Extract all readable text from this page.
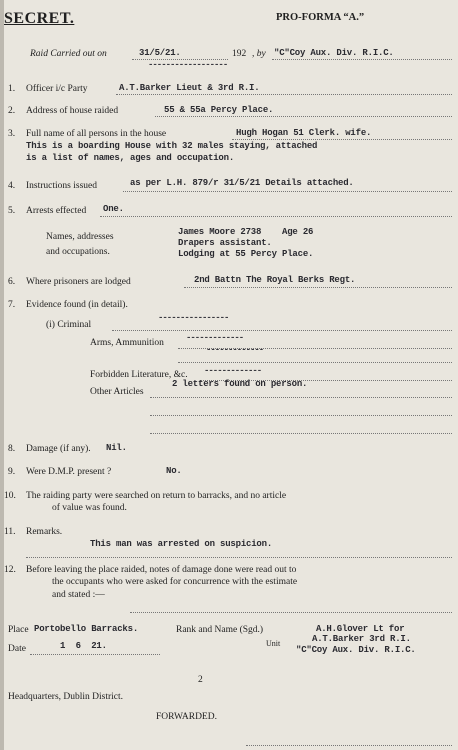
SECRET.	PRO-FORMA “A.”
Raid Carried out on	31/5/21.	192 , by "C"Coy Aux. Div. R.I.C.
------------------
1. Officer i/c Party	A.T.Barker Lieut & 3rd R.I.
2. Address of house raided	55 & 55a Percy Place.
3. Full name of all persons in the house	Hugh Hogan 51 Clerk. wife.
This is a boarding House with 32 males staying, attached
is a list of names, ages and occupation.
4. Instructions issued	as per L.H. 879/r 31/5/21 Details attached.
5. Arrests effected One.
Names, addresses
and occupations.
James Moore 2738    Age 26
Drapers assistant.
Lodging at 55 Percy Place.
6. Where prisoners are lodged	2nd Battn The Royal Berks Regt.
7. Evidence found (in detail).
(i) Criminal
----------------
Arms, Ammunition -------------
-------------
Forbidden Literature, &c. -------------
Other Articles
2 letters found on person.
8. Damage (if any). Nil.
9. Were D.M.P. present ?	No.
10. The raiding party were searched on return to barracks, and no article
of value was found.
11. Remarks.
This man was arrested on suspicion.
12. Before leaving the place raided, notes of damage done were read out to
the occupants who were asked for concurrence with the estimate
and stated :—
Place Portobello Barracks.	Rank and Name (Sgd.)	A.H.Glover Lt for
Date	1  6  21.	Unit	A.T.Barker 3rd R.I.
"C"Coy Aux. Div. R.I.C.
2
Headquarters, Dublin District.
FORWARDED.
